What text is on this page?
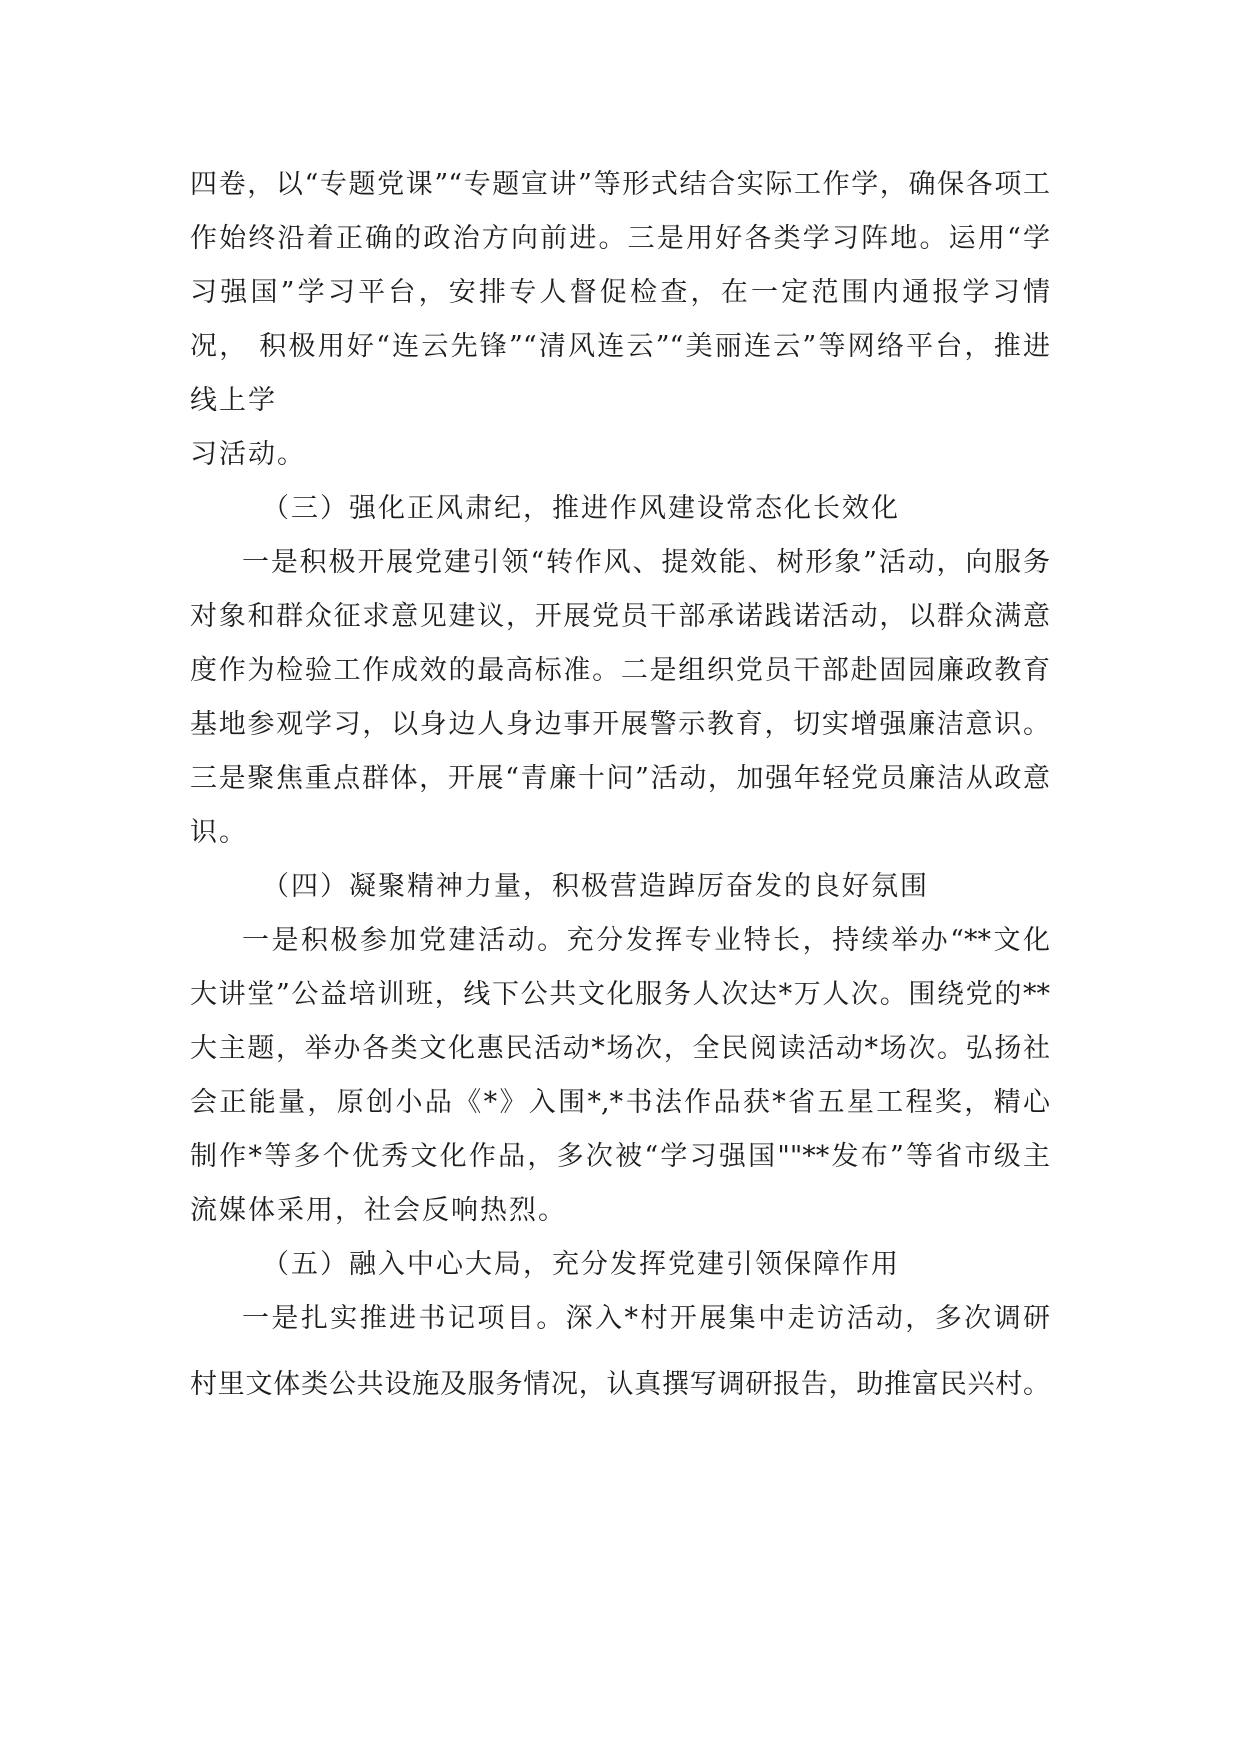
四卷，以“专题党课”“专题宣讲”等形式结合实际工作学，确保各项工
作始终沿着正确的政治方向前进。三是用好各类学习阵地。运用“学
习强国”学习平台，安排专人督促检查，在一定范围内通报学习情
况， 积极用好“连云先锋”“清风连云”“美丽连云”等网络平台，推进
线上学
习活动。
（三）强化正风肃纪，推进作风建设常态化长效化
一是积极开展党建引领“转作风、提效能、树形象”活动，向服务
对象和群众征求意见建议，开展党员干部承诺践诺活动，以群众满意
度作为检验工作成效的最高标准。二是组织党员干部赴固园廉政教育
基地参观学习，以身边人身边事开展警示教育，切实增强廉洁意识。
三是聚焦重点群体，开展“青廉十问”活动，加强年轻党员廉洁从政意
识。
（四）凝聚精神力量，积极营造踔厉奋发的良好氛围
一是积极参加党建活动。充分发挥专业特长，持续举办“**文化
大讲堂”公益培训班，线下公共文化服务人次达*万人次。围绕党的**
大主题，举办各类文化惠民活动*场次，全民阅读活动*场次。弘扬社
会正能量，原创小品《*》入围*,*书法作品获*省五星工程奖，精心
制作*等多个优秀文化作品，多次被“学习强国""**发布”等省市级主
流媒体采用，社会反响热烈。
（五）融入中心大局，充分发挥党建引领保障作用
一是扎实推进书记项目。深入*村开展集中走访活动，多次调研
村里文体类公共设施及服务情况，认真撰写调研报告，助推富民兴村。
